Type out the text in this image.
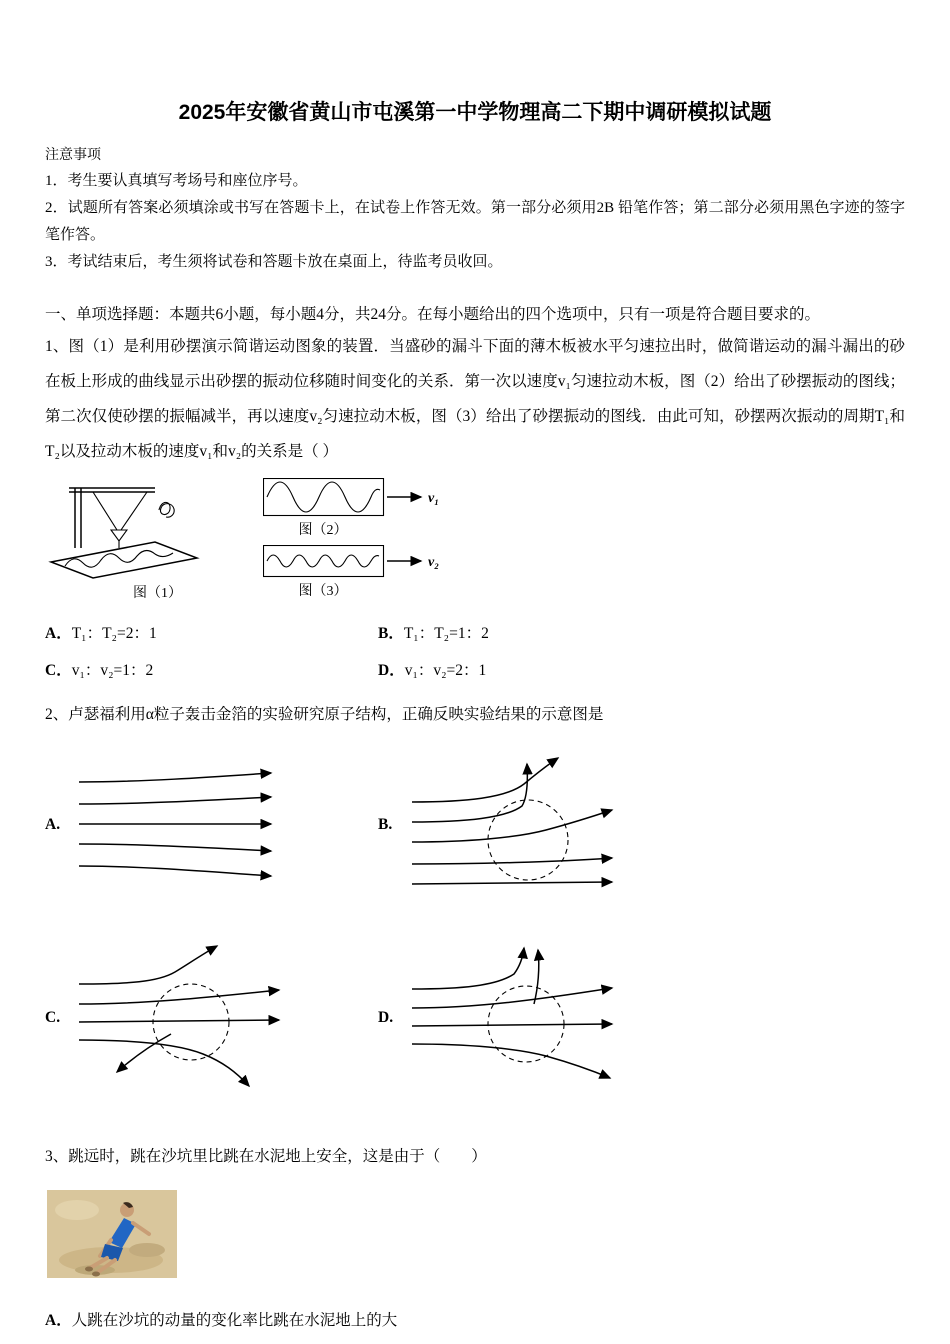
2025年安徽省黄山市屯溪第一中学物理高二下期中调研模拟试题
注意事项

1．考生要认真填写考场号和座位序号。

2．试题所有答案必须填涂或书写在答题卡上，在试卷上作答无效。第一部分必须用2B 铅笔作答；第二部分必须用黑色字迹的签字笔作答。

3．考试结束后，考生须将试卷和答题卡放在桌面上，待监考员收回。

一、单项选择题：本题共6小题，每小题4分，共24分。在每小题给出的四个选项中，只有一项是符合题目要求的。

1、图（1）是利用砂摆演示简谐运动图象的装置．当盛砂的漏斗下面的薄木板被水平匀速拉出时，做简谐运动的漏斗漏出的砂在板上形成的曲线显示出砂摆的振动位移随时间变化的关系．第一次以速度v₁匀速拉动木板，图（2）给出了砂摆振动的图线；第二次仅使砂摆的振幅减半，再以速度v₂匀速拉动木板，图（3）给出了砂摆振动的图线．由此可知，砂摆两次振动的周期T₁和T₂以及拉动木板的速度v₁和v₂的关系是（ ）

图（1）
v₁
图（2）
v₂
图（3）
A．T₁：T₂=2：1	B．T₁：T₂=1：2
C．v₁：v₂=1：2	D．v₁：v₂=2：1

2、卢瑟福利用α粒子轰击金箔的实验研究原子结构，正确反映实验结果的示意图是

A.	B.
C.	D.

3、跳远时，跳在沙坑里比跳在水泥地上安全，这是由于（　　）

A．人跳在沙坑的动量的变化率比跳在水泥地上的大
